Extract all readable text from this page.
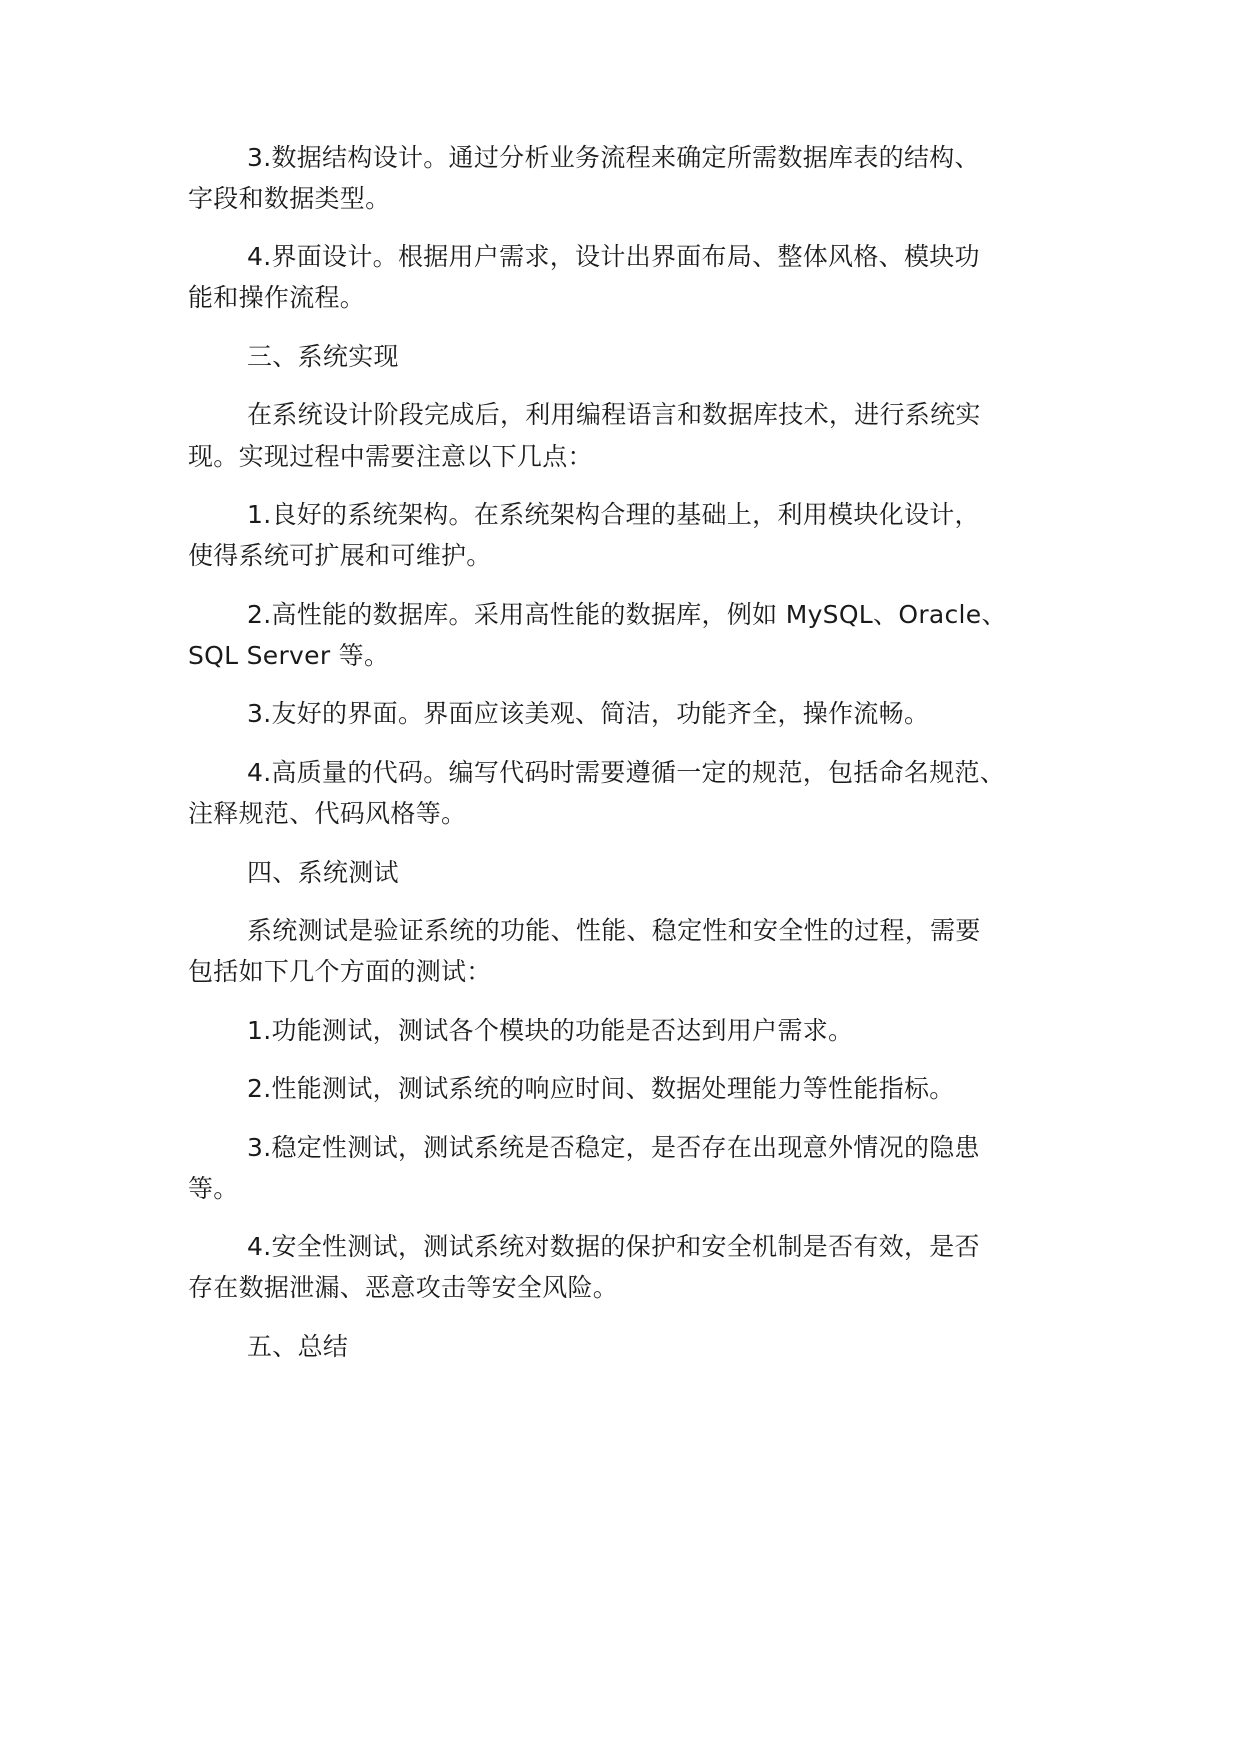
3.数据结构设计。通过分析业务流程来确定所需数据库表的结构、
字段和数据类型。
4.界面设计。根据用户需求，设计出界面布局、整体风格、模块功
能和操作流程。
三、系统实现
在系统设计阶段完成后，利用编程语言和数据库技术，进行系统实
现。实现过程中需要注意以下几点：
1.良好的系统架构。在系统架构合理的基础上，利用模块化设计，
使得系统可扩展和可维护。
2.高性能的数据库。采用高性能的数据库，例如 MySQL、Oracle、
SQL Server 等。
3.友好的界面。界面应该美观、简洁，功能齐全，操作流畅。
4.高质量的代码。编写代码时需要遵循一定的规范，包括命名规范、
注释规范、代码风格等。
四、系统测试
系统测试是验证系统的功能、性能、稳定性和安全性的过程，需要
包括如下几个方面的测试：
1.功能测试，测试各个模块的功能是否达到用户需求。
2.性能测试，测试系统的响应时间、数据处理能力等性能指标。
3.稳定性测试，测试系统是否稳定，是否存在出现意外情况的隐患
等。
4.安全性测试，测试系统对数据的保护和安全机制是否有效，是否
存在数据泄漏、恶意攻击等安全风险。
五、总结
